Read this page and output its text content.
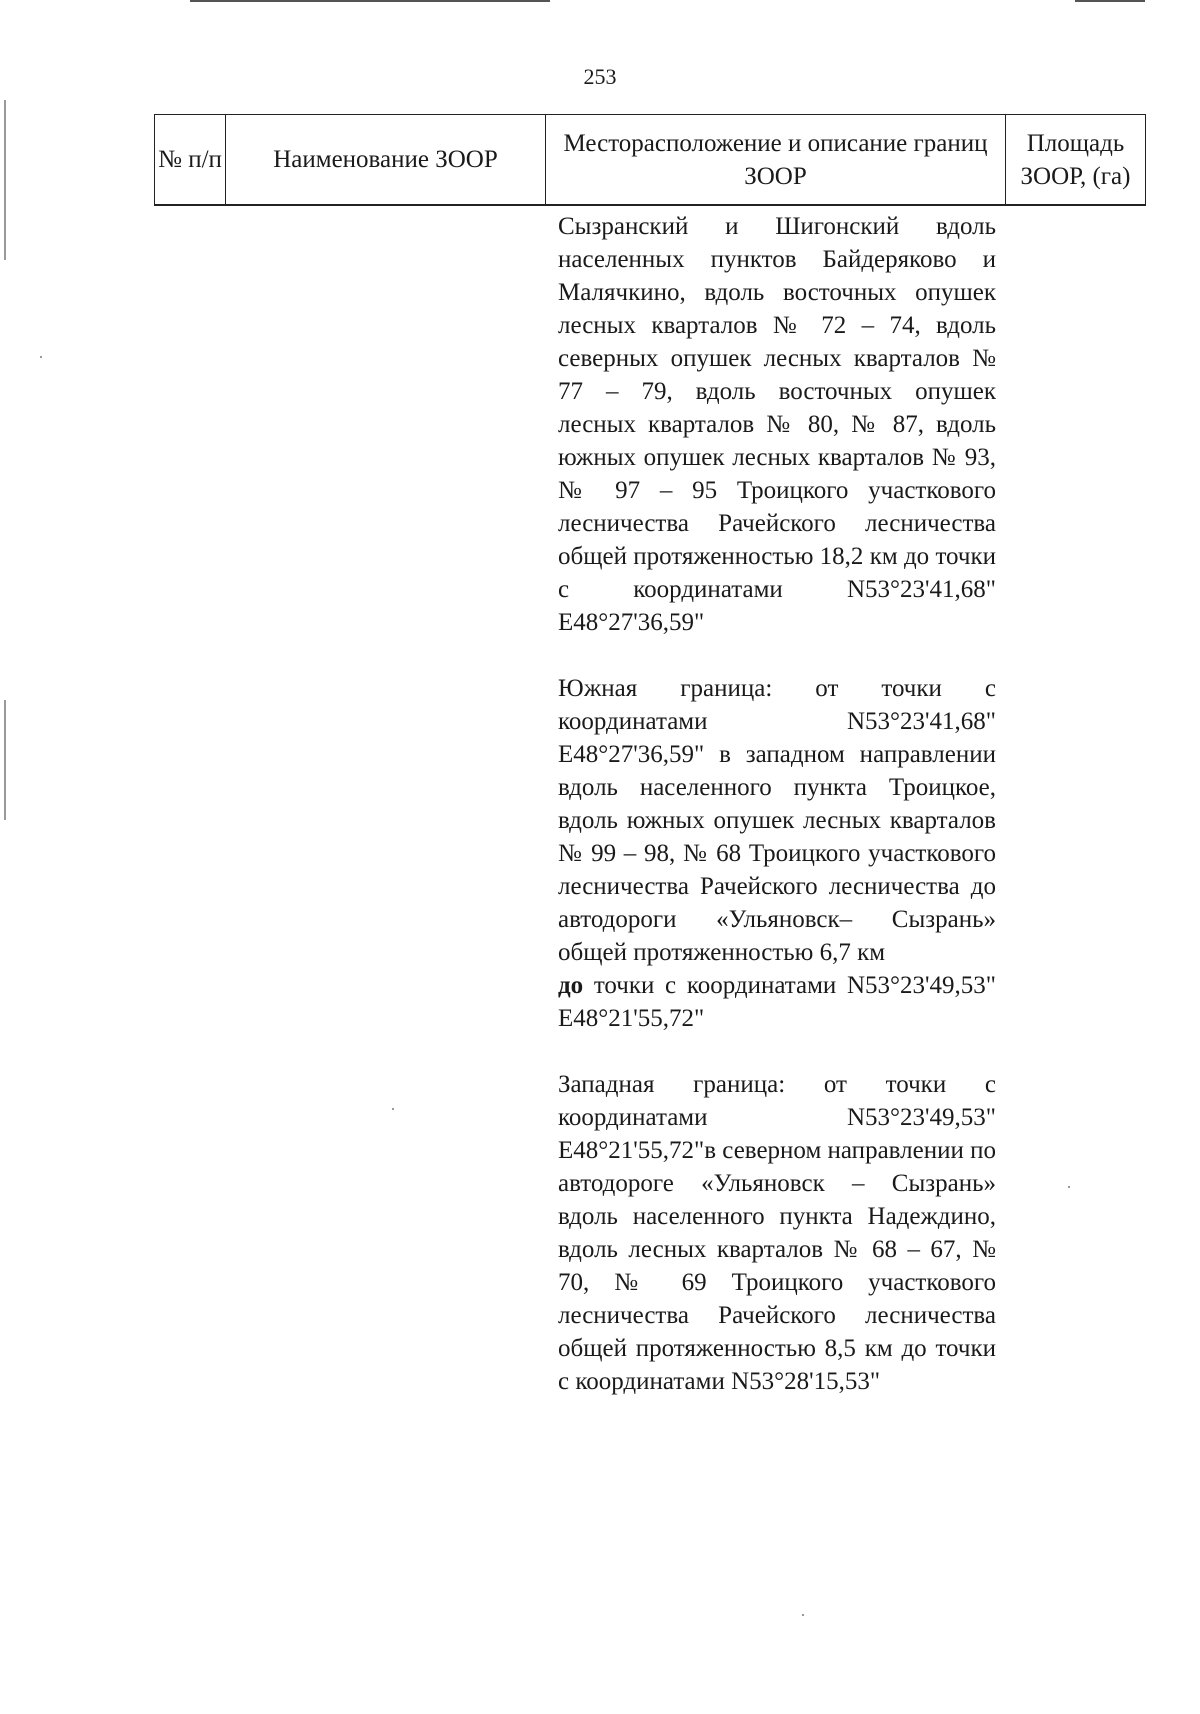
253
№ п/п	Наименование ЗООР
Месторасположение и описание границ ЗООР
Площадь ЗООР, (га)

Сызранский и Шигонский вдоль населенных пунктов Байдеряково и Малячкино, вдоль восточных опушек лесных кварталов № 72 – 74, вдоль северных опушек лесных кварталов № 77 – 79, вдоль восточных опушек лесных кварталов № 80, № 87, вдоль южных опушек лесных кварталов № 93, № 97 – 95 Троицкого участкового лесничества Рачейского лесничества общей протяженностью 18,2 км до точки с координатами N53°23'41,68" E48°27'36,59"

Южная граница: от точки с координатами N53°23'41,68" E48°27'36,59" в западном направлении вдоль населенного пункта Троицкое, вдоль южных опушек лесных кварталов № 99 – 98, № 68 Троицкого участкового лесничества Рачейского лесничества до автодороги «Ульяновск– Сызрань» общей протяженностью 6,7 км

до точки с координатами N53°23'49,53" E48°21'55,72"

Западная граница: от точки с координатами N53°23'49,53" E48°21'55,72"в северном направлении по автодороге «Ульяновск – Сызрань» вдоль населенного пункта Надеждино, вдоль лесных кварталов № 68 – 67, № 70, № 69 Троицкого участкового лесничества Рачейского лесничества общей протяженностью 8,5 км до точки с координатами N53°28'15,53"
